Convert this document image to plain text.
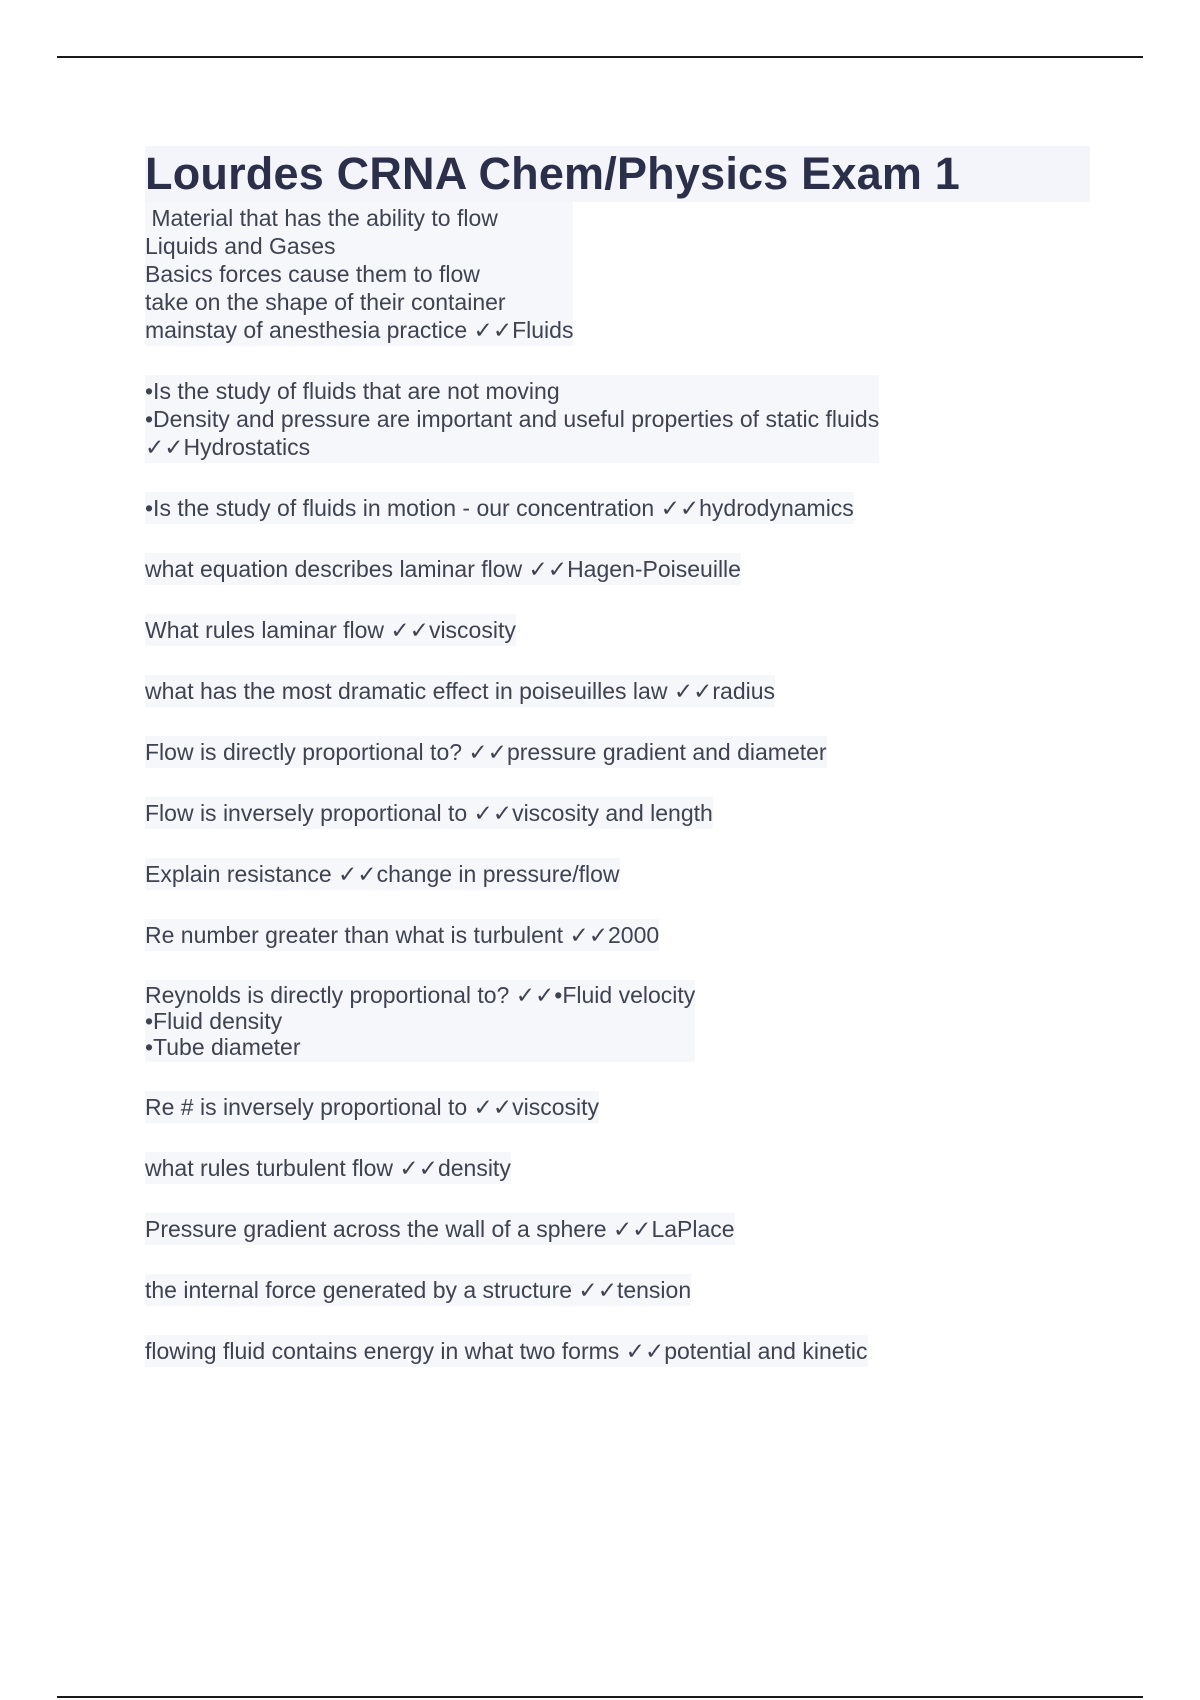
Lourdes CRNA Chem/Physics Exam 1
Material that has the ability to flow
Liquids and Gases
Basics forces cause them to flow
take on the shape of their container
mainstay of anesthesia practice ✓✓Fluids
•Is the study of fluids that are not moving
•Density and pressure are important and useful properties of static fluids
✓✓Hydrostatics
•Is the study of fluids in motion - our concentration ✓✓hydrodynamics
what equation describes laminar flow ✓✓Hagen-Poiseuille
What rules laminar flow ✓✓viscosity
what has the most dramatic effect in poiseuilles law ✓✓radius
Flow is directly proportional to? ✓✓pressure gradient and diameter
Flow is inversely proportional to ✓✓viscosity and length
Explain resistance ✓✓change in pressure/flow
Re number greater than what is turbulent ✓✓2000
Reynolds is directly proportional to? ✓✓•Fluid velocity
•Fluid density
•Tube diameter
Re # is inversely proportional to ✓✓viscosity
what rules turbulent flow ✓✓density
Pressure gradient across the wall of a sphere ✓✓LaPlace
the internal force generated by a structure ✓✓tension
flowing fluid contains energy in what two forms ✓✓potential and kinetic
